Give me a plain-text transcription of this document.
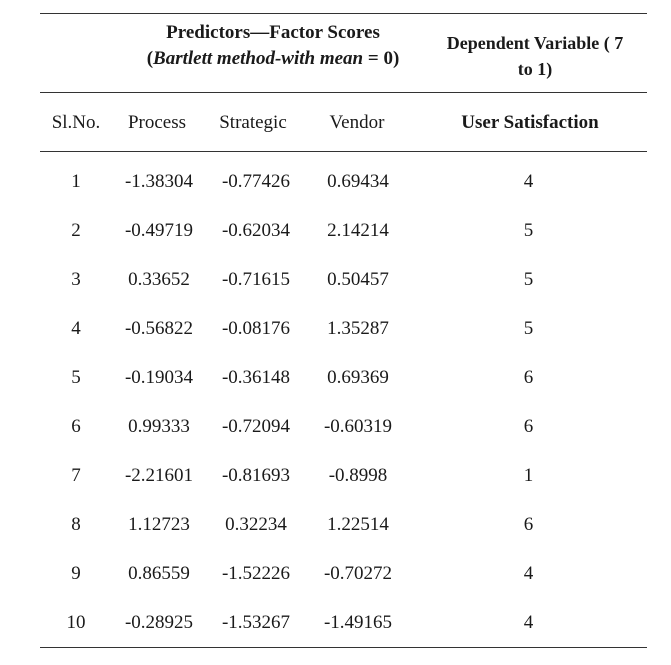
Predictors—Factor Scores
(Bartlett method-with mean = 0)
Dependent Variable ( 7
to 1)
Sl.No.	Process	Strategic	Vendor	User Satisfaction
1	-1.38304	-0.77426	0.69434	4
2	-0.49719	-0.62034	2.14214	5
3	0.33652	-0.71615	0.50457	5
4	-0.56822	-0.08176	1.35287	5
5	-0.19034	-0.36148	0.69369	6
6	0.99333	-0.72094	-0.60319	6
7	-2.21601	-0.81693	-0.8998	1
8	1.12723	0.32234	1.22514	6
9	0.86559	-1.52226	-0.70272	4
10	-0.28925	-1.53267	-1.49165	4
